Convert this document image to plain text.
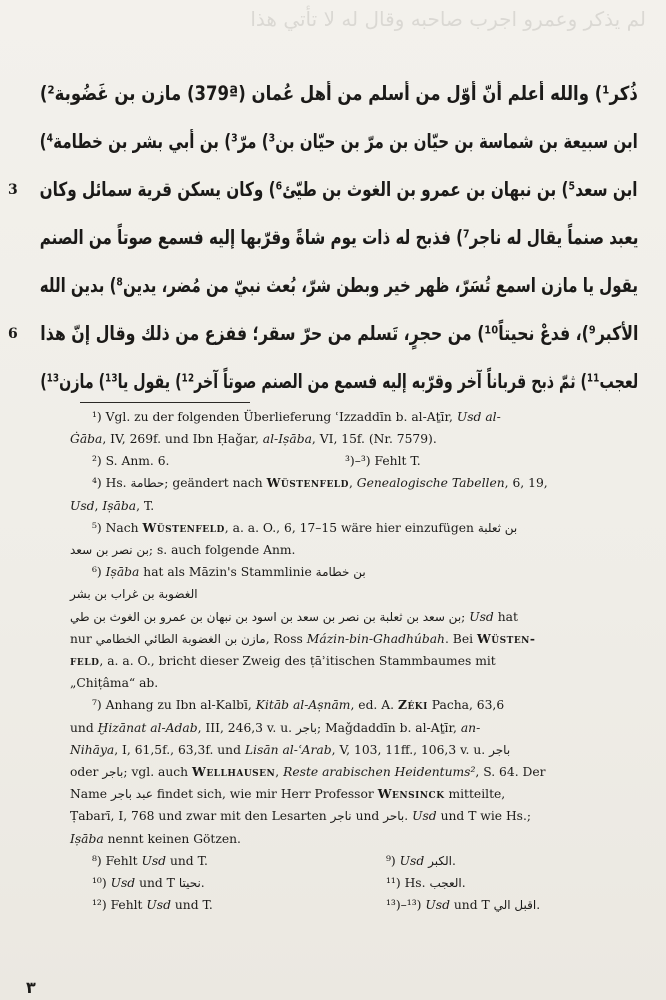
لم يذكر وعمرو اجرب صاحبه وقال له لا تأتي هذا
ذُكر¹) والله أعلم أنّ أوّل من أسلم من أهل عُمان (379ª) مازن بن غَضُوبة²)
ابن سبيعة بن شماسة بن حيّان بن مرّ بن حيّان بن³) مرّ³) بن أبي بشر بن خطامة⁴)
ابن سعد⁵) بن نبهان بن عمرو بن الغوث بن طيّئ⁶) وكان يسكن قرية سمائل وكان
3
يعبد صنماً يقال له ناجر⁷) فذبح له ذات يوم شاةً وقرّبها إليه فسمع صوتاً من الصنم
يقول يا مازن اسمع تُسَرّ، ظهر خير وبطن شرّ، بُعث نبيّ من مُضر، يدين⁸) بدين الله
الأكبر⁹)، فدعْ نحيتاً¹⁰) من حجرٍ، تَسلم من حرّ سقر؛ ففزع من ذلك وقال إنّ هذا
6
لعجب¹¹) ثمّ ذبح قرباناً آخر وقرّبه إليه فسمع من الصنم صوتاً آخر¹²) يقول يا¹³) مازن¹³)
¹) Vgl. zu der folgenden Überlieferung ʿIzzaddīn b. al-Aṯīr, Usd al-
Ġāba, IV, 269f. und Ibn Ḥaǧar, al-Iṣāba, VI, 15f. (Nr. 7579).
²) S. Anm. 6.	³)–³) Fehlt T.
⁴) Hs. حطامة; geändert nach Wüstenfeld, Genealogische Tabellen, 6, 19,
Usd, Iṣāba, T.
⁵) Nach Wüstenfeld, a. a. O., 6, 17–15 wäre hier einzufügen بن ثعلبة
بن نصر بن سعد; s. auch folgende Anm.
⁶) Iṣāba hat als Māzin's Stammlinie بن خطامة
الغضوبة بن غراب بن بشر
بن سعد بن ثعلبة بن نصر بن سعد بن اسود بن نبهان بن عمرو بن الغوث بن طي; Usd hat
nur مازن بن الغضوبة الطائي الخطامي, Ross Mázin-bin-Ghadhúbah. Bei Wüsten-
feld, a. a. O., bricht dieser Zweig des ṭāʾitischen Stammbaumes mit
„Chiṭâma“ ab.
⁷) Anhang zu Ibn al-Kalbī, Kitāb al-Aṣnām, ed. A. Zéki Pacha, 63,6
und Ḫizānat al-Adab, III, 246,3 v. u. باجر; Maǧdaddīn b. al-Aṯīr, an-
Nihāya, I, 61,5f., 63,3f. und Lisān al-ʿArab, V, 103, 11ff., 106,3 v. u. باجر
oder باجر; vgl. auch Wellhausen, Reste arabischen Heidentums², S. 64. Der
Name عبد باجر findet sich, wie mir Herr Professor Wensinck mitteilte,
Ṭabarī, I, 768 und zwar mit den Lesarten ناجر und باحر. Usd und T wie Hs.;
Iṣāba nennt keinen Götzen.
⁸) Fehlt Usd und T.	⁹) Usd الكبر.
¹⁰) Usd und T نحيتا.	¹¹) Hs. العجب.
¹²) Fehlt Usd und T.	¹³)–¹³) Usd und T اقبل الي.
٣
